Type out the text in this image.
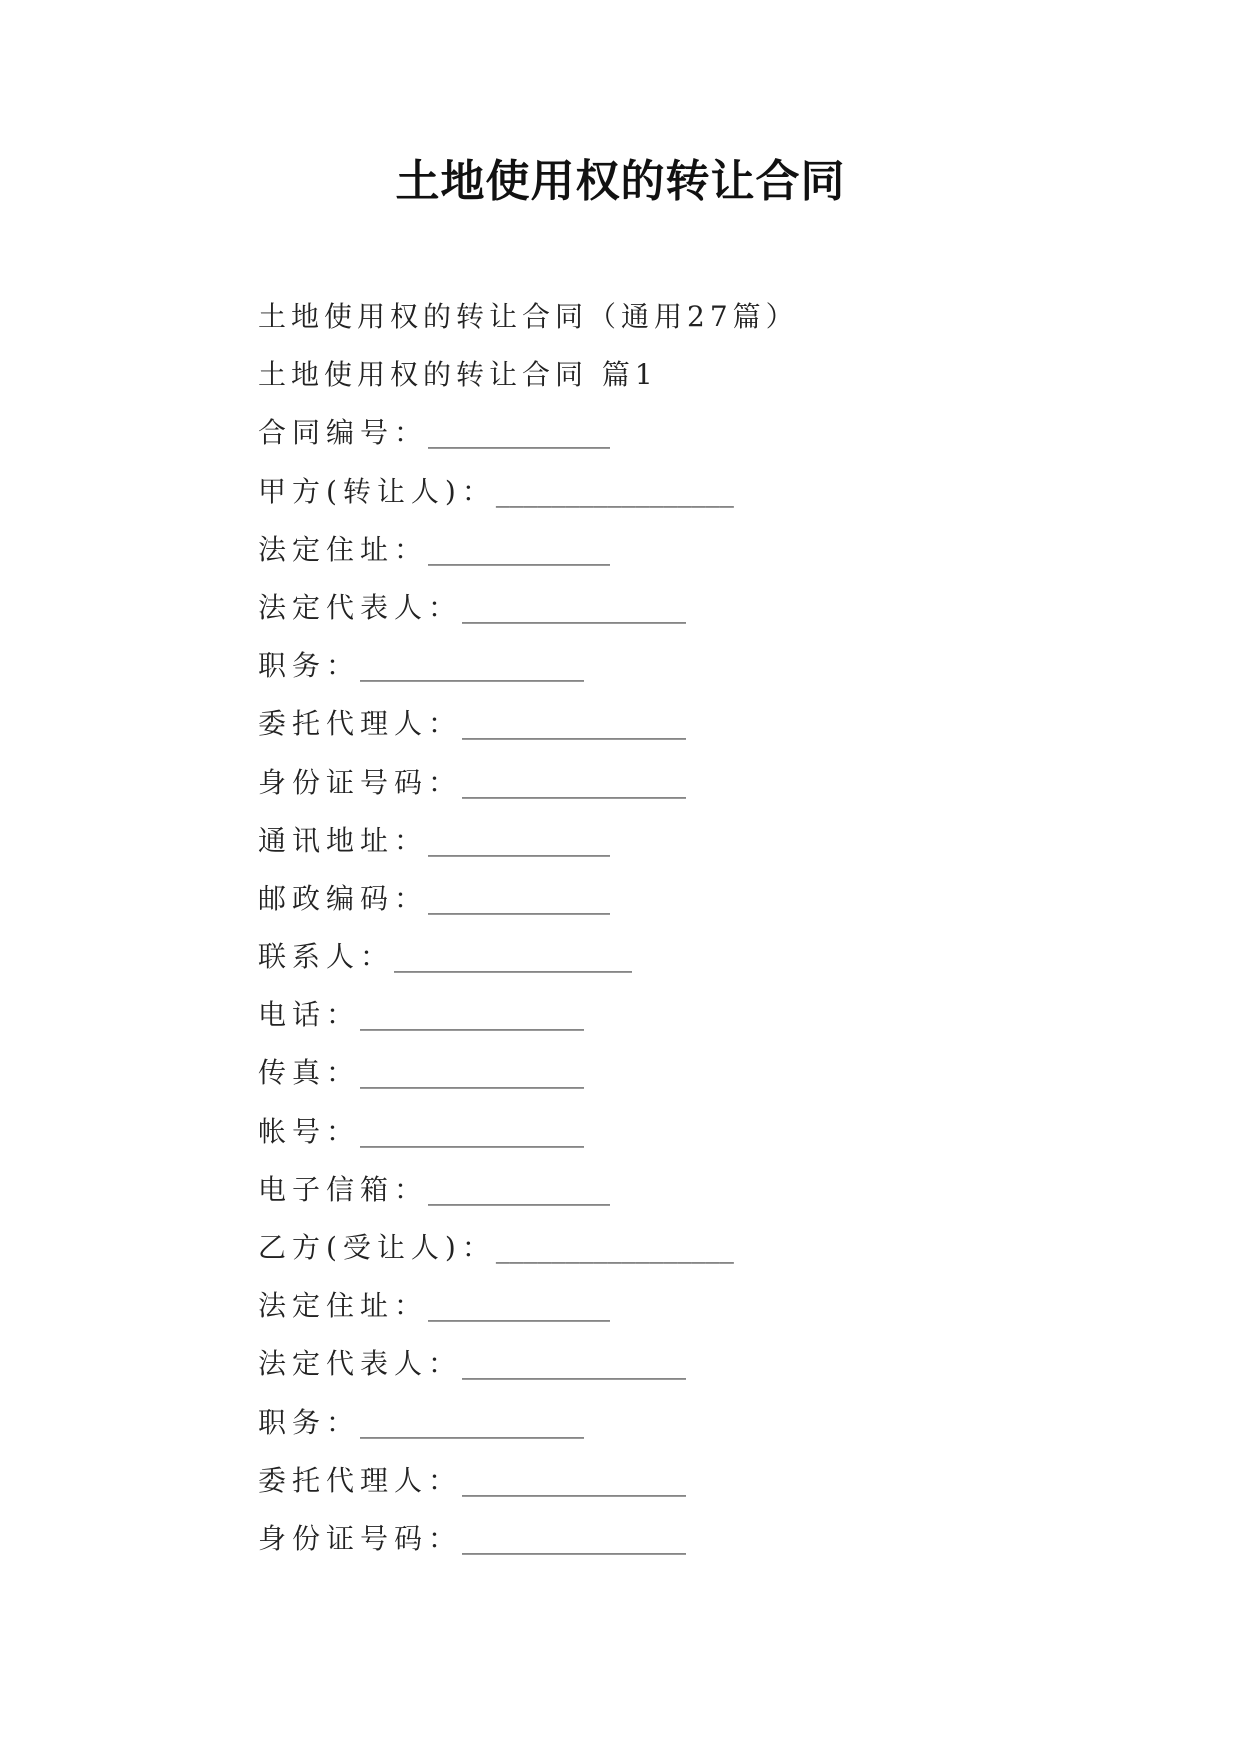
土地使用权的转让合同
土地使用权的转让合同（通用27篇）
土地使用权的转让合同 篇1
合同编号：_____________
甲方(转让人)：_________________
法定住址：_____________
法定代表人：________________
职务：________________
委托代理人：________________
身份证号码：________________
通讯地址：_____________
邮政编码：_____________
联系人：_________________
电话：________________
传真：________________
帐号：________________
电子信箱：_____________
乙方(受让人)：_________________
法定住址：_____________
法定代表人：________________
职务：________________
委托代理人：________________
身份证号码：________________
